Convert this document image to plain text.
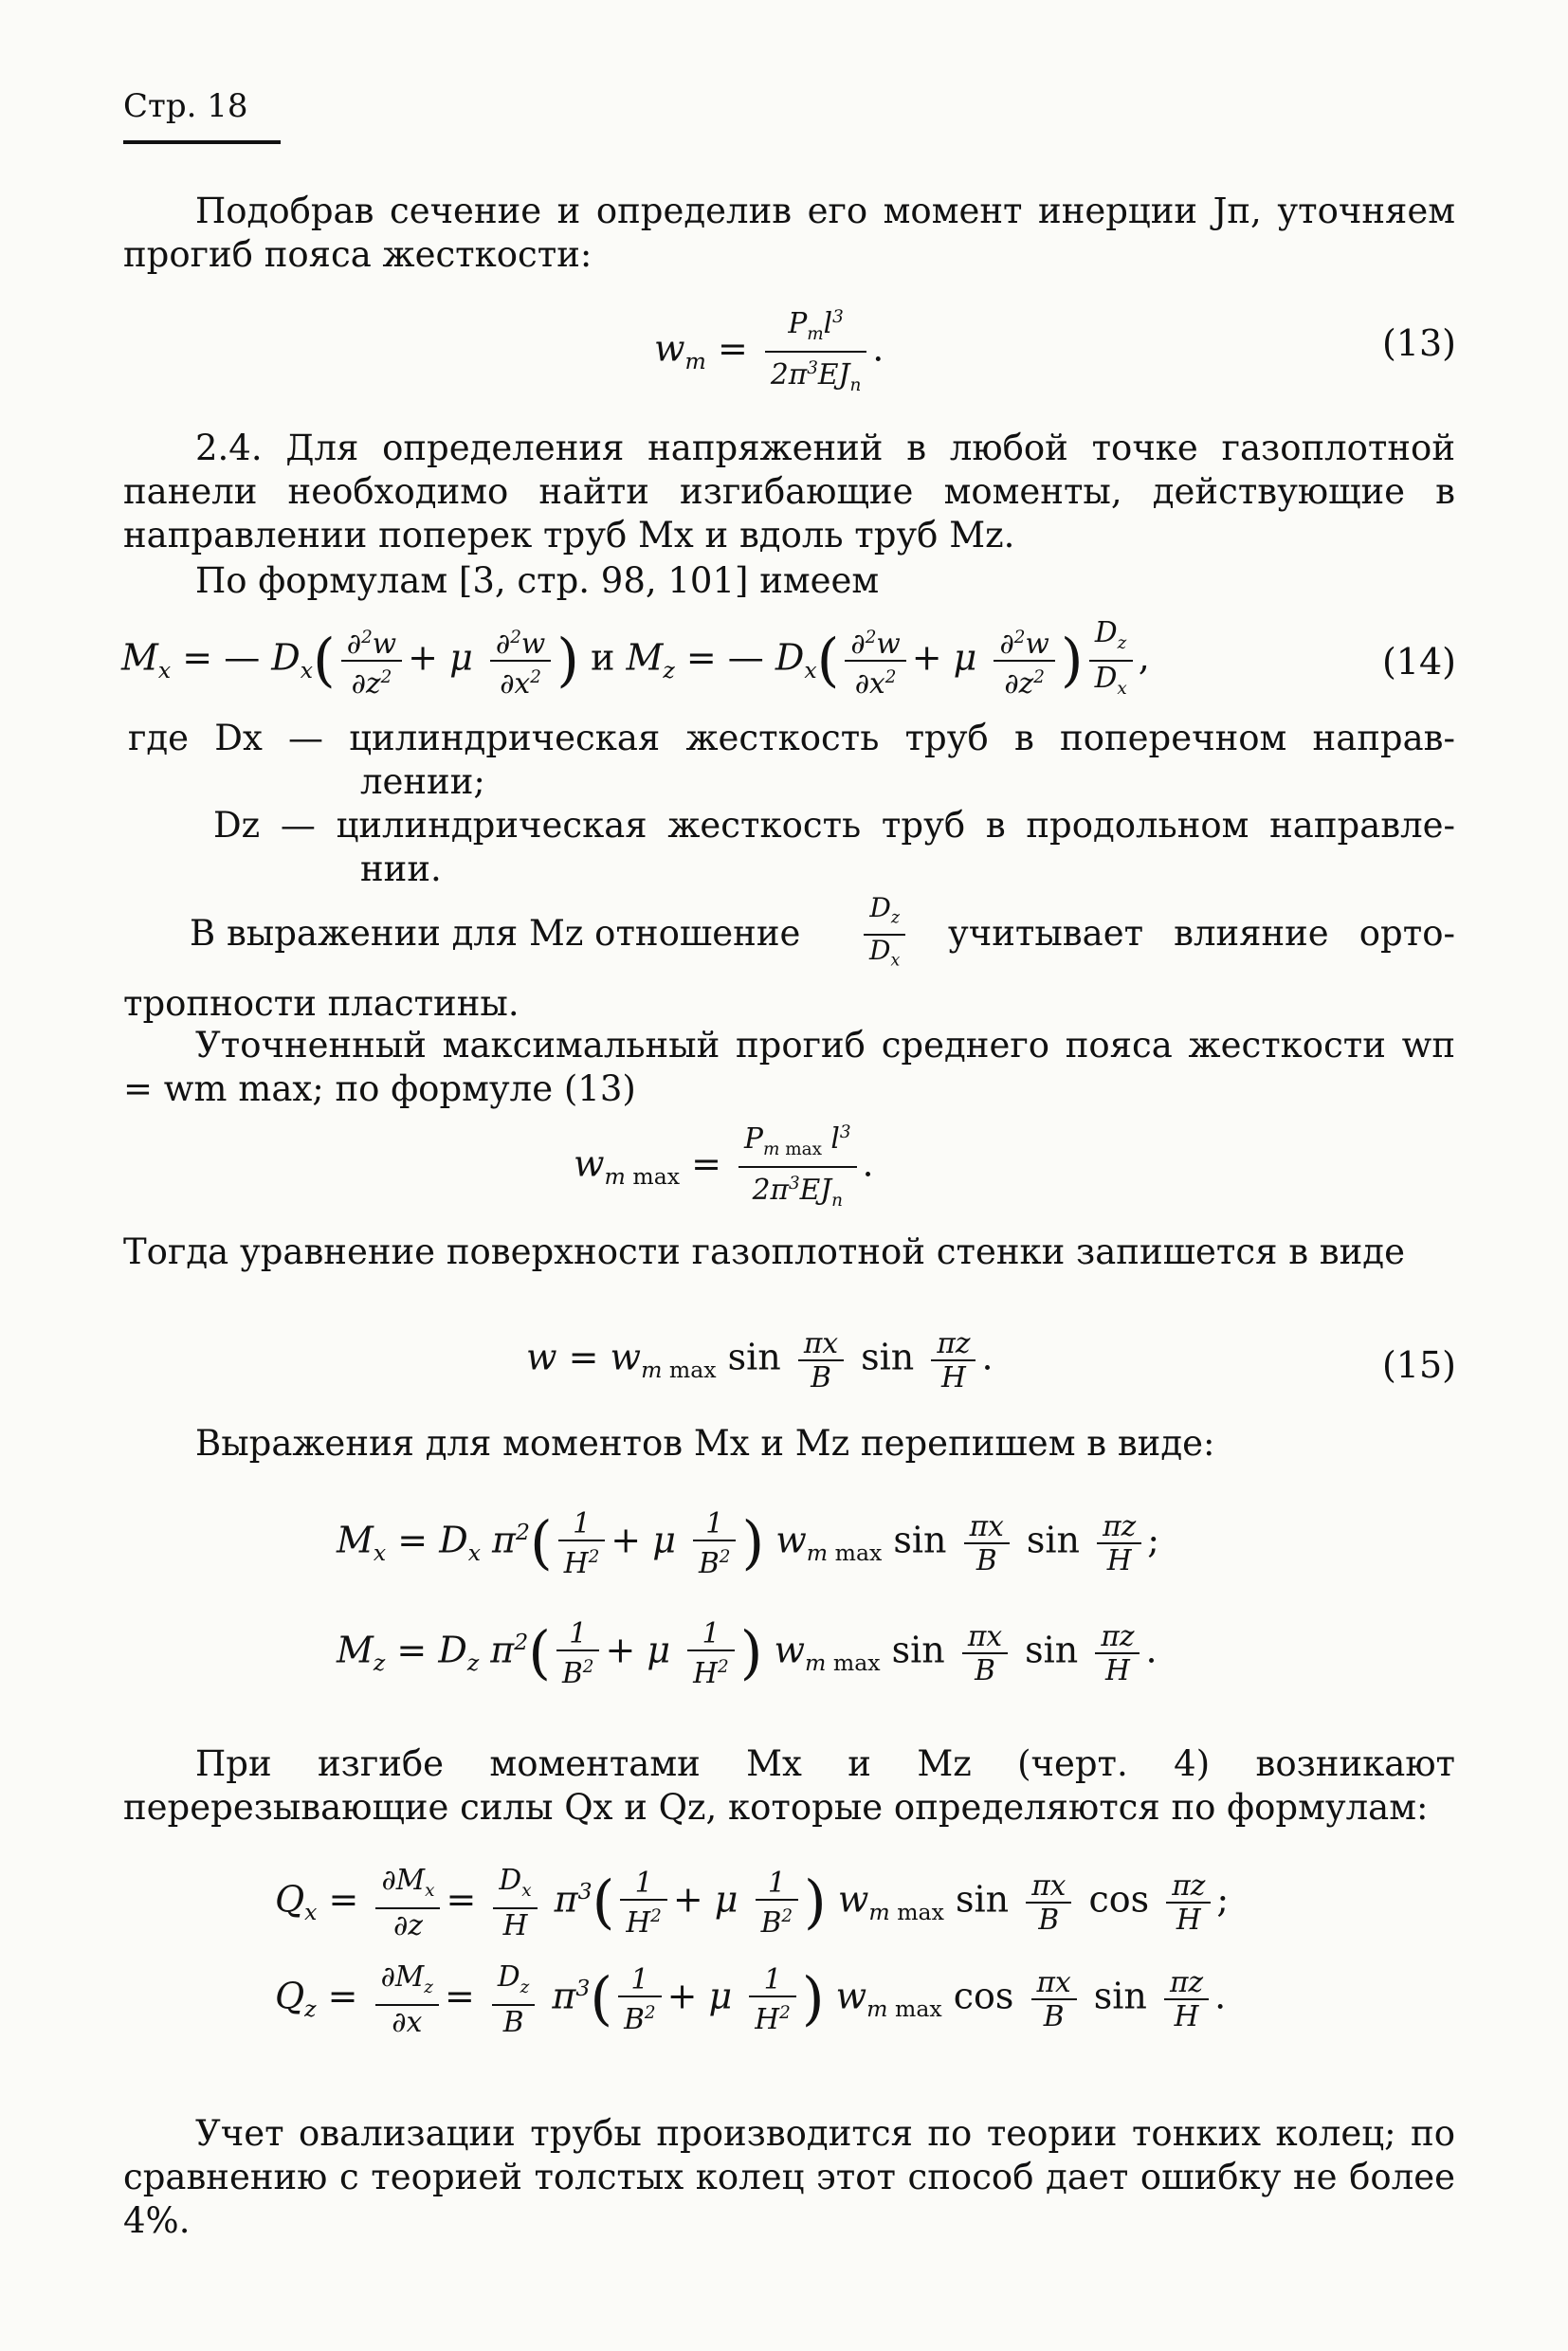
Стр. 18
Подобрав сечение и определив его момент инерции Jп, уточняем прогиб пояса жесткости:
$w_m = \frac{P_ml^3}{2\pi^3EJ_п}$ .	(13)
2.4. Для определения напряжений в любой точке газоплотной панели необходимо найти изгибающие моменты, действующие в направлении поперек труб Mx и вдоль труб Mz.
По формулам [3, стр. 98, 101] имеем
$M_x$ = — $D_x( \frac{\partial^2w}{\partial z^2} + \mu \frac{\partial^2w}{\partial x^2}$ ) и $M_z$ = — $D_x( \frac{\partial^2w}{\partial x^2} + \mu \frac{\partial^2w}{\partial z^2}$ ) $\frac{D_z}{D_x}$ ,	(14)
где Dx — цилиндрическая жесткость труб в поперечном направ-
лении;
Dz — цилиндрическая жесткость труб в продольном направле-
нии.
В выражении для Mz отношение $\frac{D_z}{D_x}$ учитывает влияние орто-
тропности пластины.
Уточненный максимальный прогиб среднего пояса жесткости wп = wm max; по формуле (13)
$w_{m max} = \frac{P_{m max} l^3}{2\pi^3EJ_п}$ .
Тогда уравнение поверхности газоплотной стенки запишется в виде
$w = w_{m max}$ $\sin \frac{\pi x}{B}$ $\sin \frac{\pi z}{H}$ .	(15)
Выражения для моментов Mx и Mz перепишем в виде:
$M_x = D_x$ $\pi^2( \frac{1}{H^2} + \mu \frac{1}{B^2}$ ) $w_{m max}$ $\sin \frac{\pi x}{B}$ $\sin \frac{\pi z}{H}$ ;
$M_z = D_z$ $\pi^2( \frac{1}{B^2} + \mu \frac{1}{H^2}$ ) $w_{m max}$ $\sin \frac{\pi x}{B}$ $\sin \frac{\pi z}{H}$ .
При изгибе моментами Mx и Mz (черт. 4) возникают перерезывающие силы Qx и Qz, которые определяются по формулам:
$Q_x = \frac{\partial M_x}{\partial z} = \frac{D_x}{H} \pi^3( \frac{1}{H^2} + \mu \frac{1}{B^2}$ ) $w_{m max}$ $\sin \frac{\pi x}{B}$ $\cos \frac{\pi z}{H}$ ;
$Q_z = \frac{\partial M_z}{\partial x} = \frac{D_z}{B} \pi^3( \frac{1}{B^2} + \mu \frac{1}{H^2}$ ) $w_{m max}$ $\cos \frac{\pi x}{B}$ $\sin \frac{\pi z}{H}$ .
Учет овализации трубы производится по теории тонких колец; по сравнению с теорией толстых колец этот способ дает ошибку не более 4%.
